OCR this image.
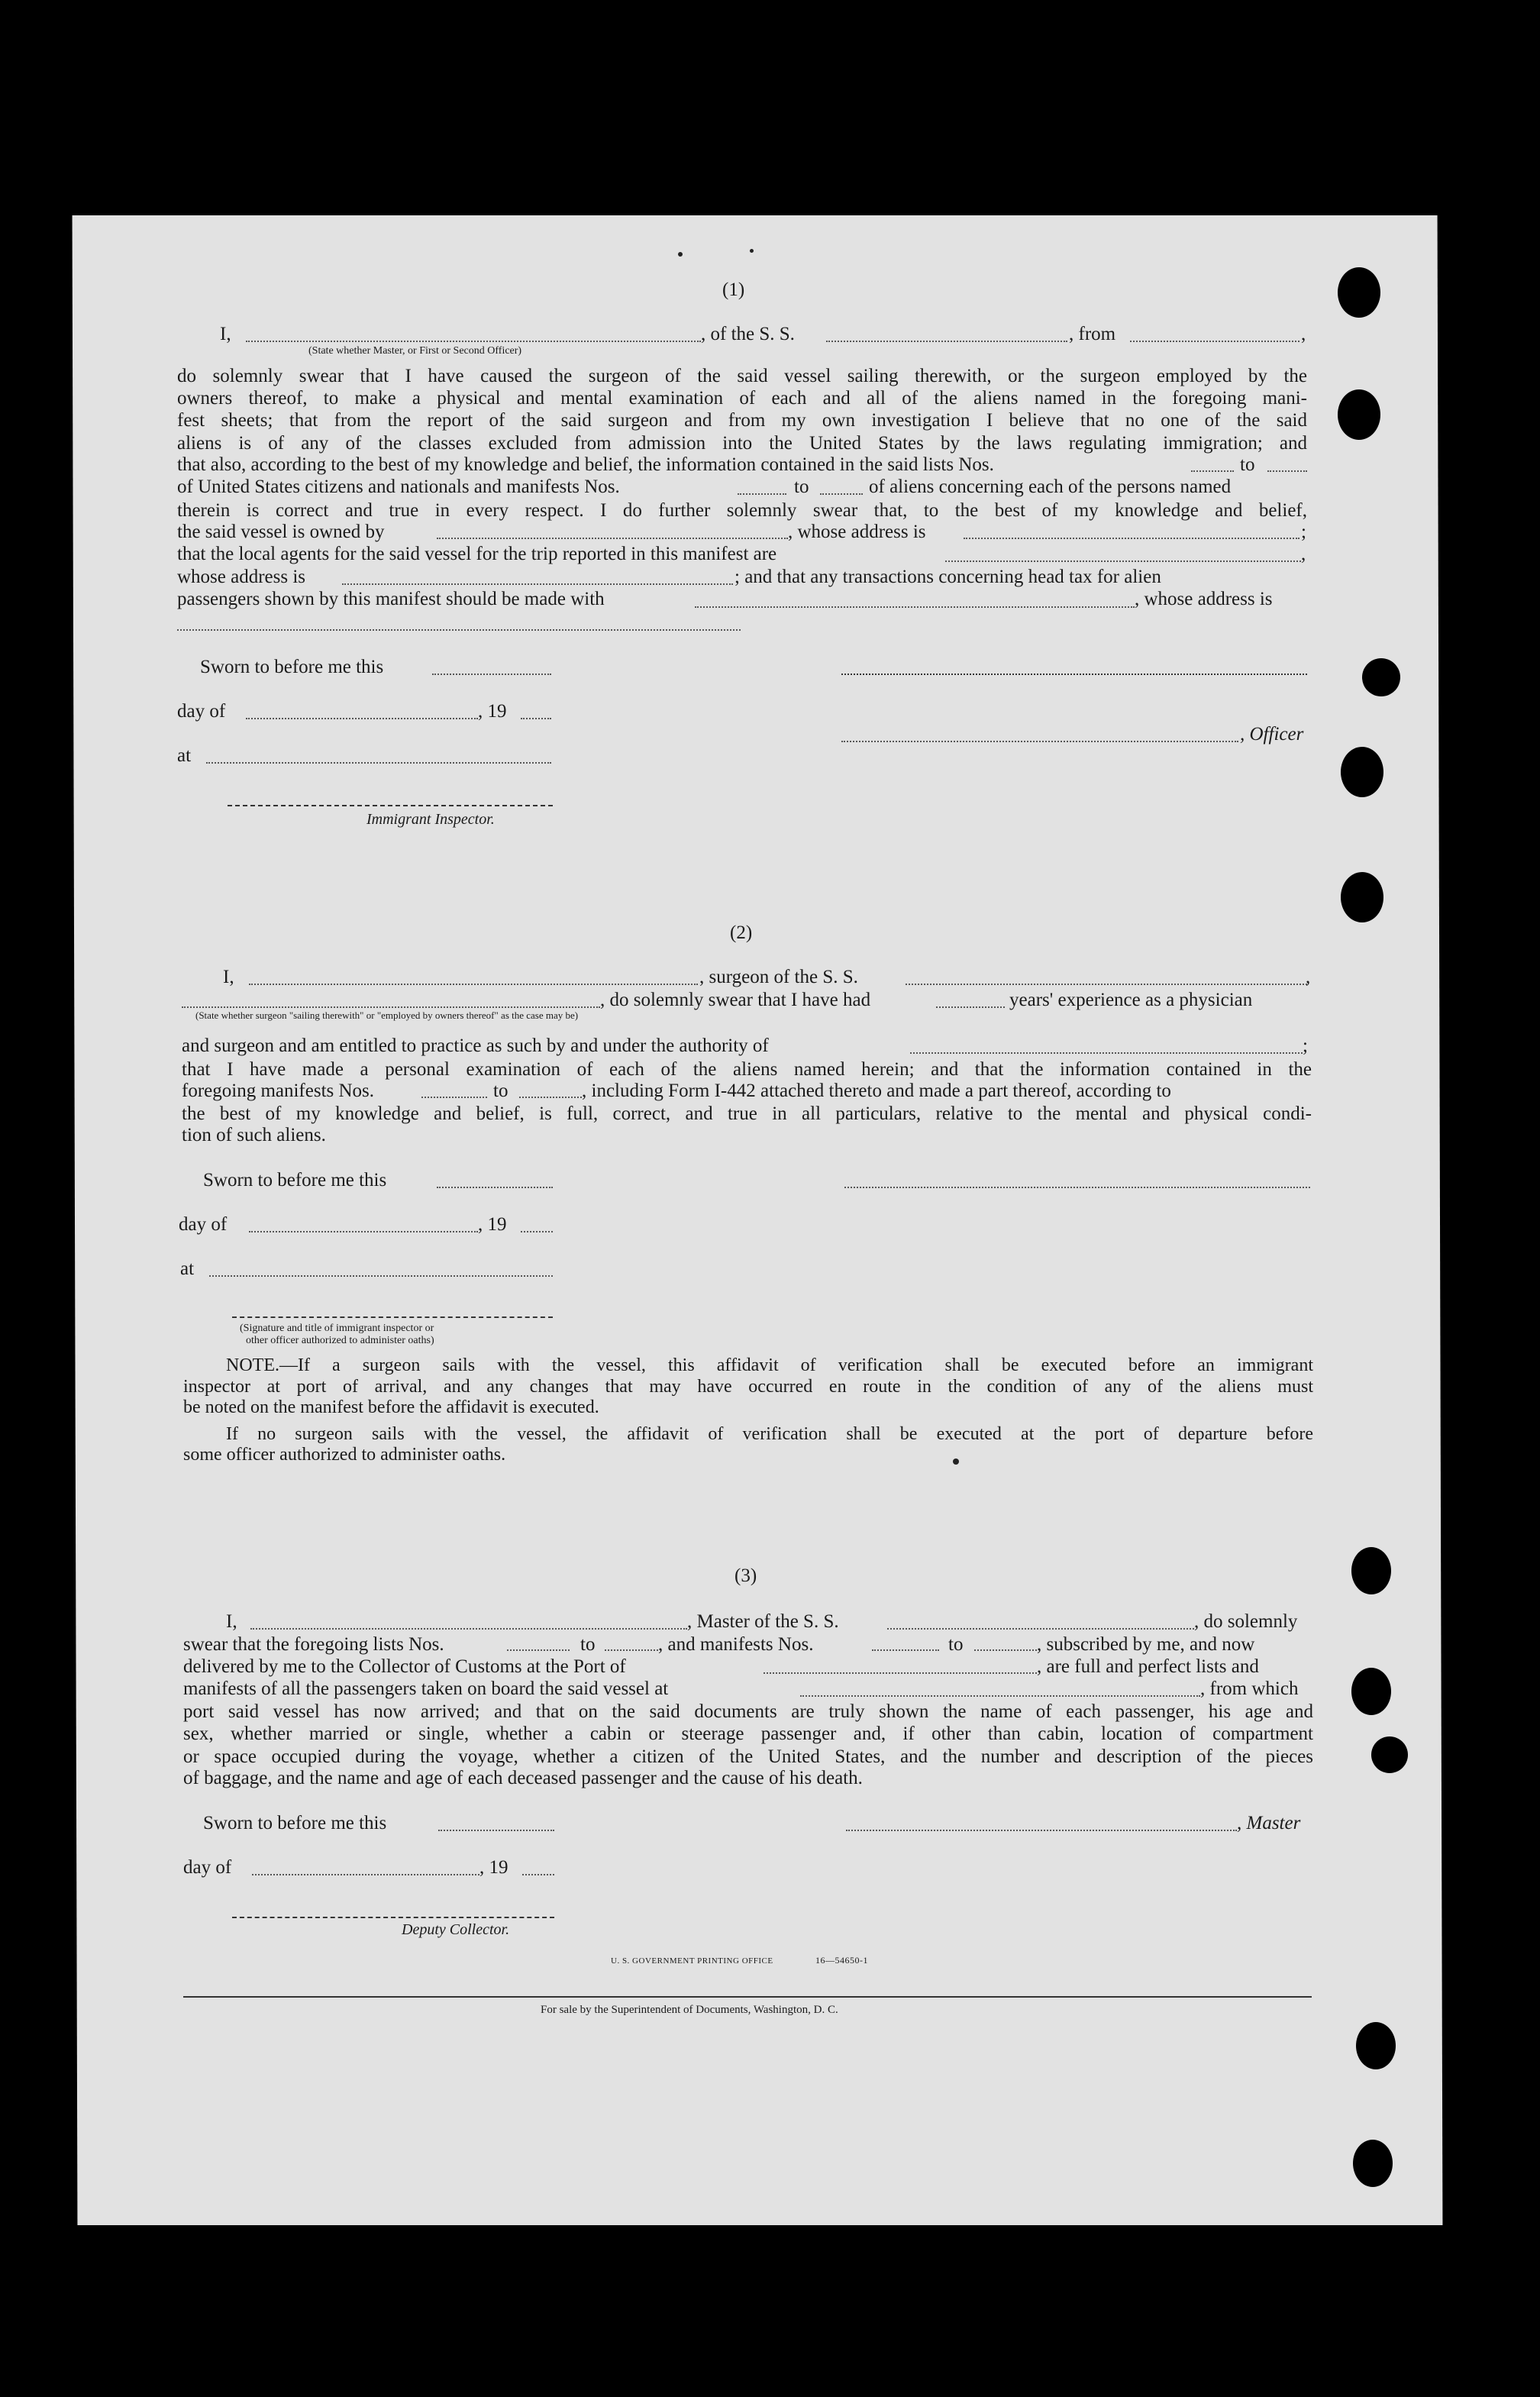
(1)
I,	, of the S. S.	, from	,
(State whether Master, or First or Second Officer)
do solemnly swear that I have caused the surgeon of the said vessel sailing therewith, or the surgeon employed by the
owners thereof, to make a physical and mental examination of each and all of the aliens named in the foregoing mani-
fest sheets; that from the report of the said surgeon and from my own investigation I believe that no one of the said
aliens is of any of the classes excluded from admission into the United States by the laws regulating immigration; and
that also, according to the best of my knowledge and belief, the information contained in the said lists Nos.	to
of United States citizens and nationals and manifests Nos.	to	of aliens concerning each of the persons named
therein is correct and true in every respect. I do further solemnly swear that, to the best of my knowledge and belief,
the said vessel is owned by	, whose address is	;
that the local agents for the said vessel for the trip reported in this manifest are	,
whose address is	; and that any transactions concerning head tax for alien
passengers shown by this manifest should be made with	, whose address is
Sworn to before me this
day of	, 19
, Officer
at
Immigrant Inspector.
(2)
I,	, surgeon of the S. S.	,
, do solemnly swear that I have had	years' experience as a physician
(State whether surgeon "sailing therewith" or "employed by owners thereof" as the case may be)
and surgeon and am entitled to practice as such by and under the authority of	;
that I have made a personal examination of each of the aliens named herein; and that the information contained in the
foregoing manifests Nos.	to	, including Form I-442 attached thereto and made a part thereof, according to
the best of my knowledge and belief, is full, correct, and true in all particulars, relative to the mental and physical condi-
tion of such aliens.
Sworn to before me this
day of	, 19
at
(Signature and title of immigrant inspector or
other officer authorized to administer oaths)
NOTE.—If a surgeon sails with the vessel, this affidavit of verification shall be executed before an immigrant
inspector at port of arrival, and any changes that may have occurred en route in the condition of any of the aliens must
be noted on the manifest before the affidavit is executed.
If no surgeon sails with the vessel, the affidavit of verification shall be executed at the port of departure before
some officer authorized to administer oaths.
(3)
I,	, Master of the S. S.	, do solemnly
swear that the foregoing lists Nos.	to	, and manifests Nos.	to	, subscribed by me, and now
delivered by me to the Collector of Customs at the Port of	, are full and perfect lists and
manifests of all the passengers taken on board the said vessel at	, from which
port said vessel has now arrived; and that on the said documents are truly shown the name of each passenger, his age and
sex, whether married or single, whether a cabin or steerage passenger and, if other than cabin, location of compartment
or space occupied during the voyage, whether a citizen of the United States, and the number and description of the pieces
of baggage, and the name and age of each deceased passenger and the cause of his death.
Sworn to before me this	, Master
day of	, 19
Deputy Collector.
U. S. GOVERNMENT PRINTING OFFICE	16—54650-1
For sale by the Superintendent of Documents, Washington, D. C.
